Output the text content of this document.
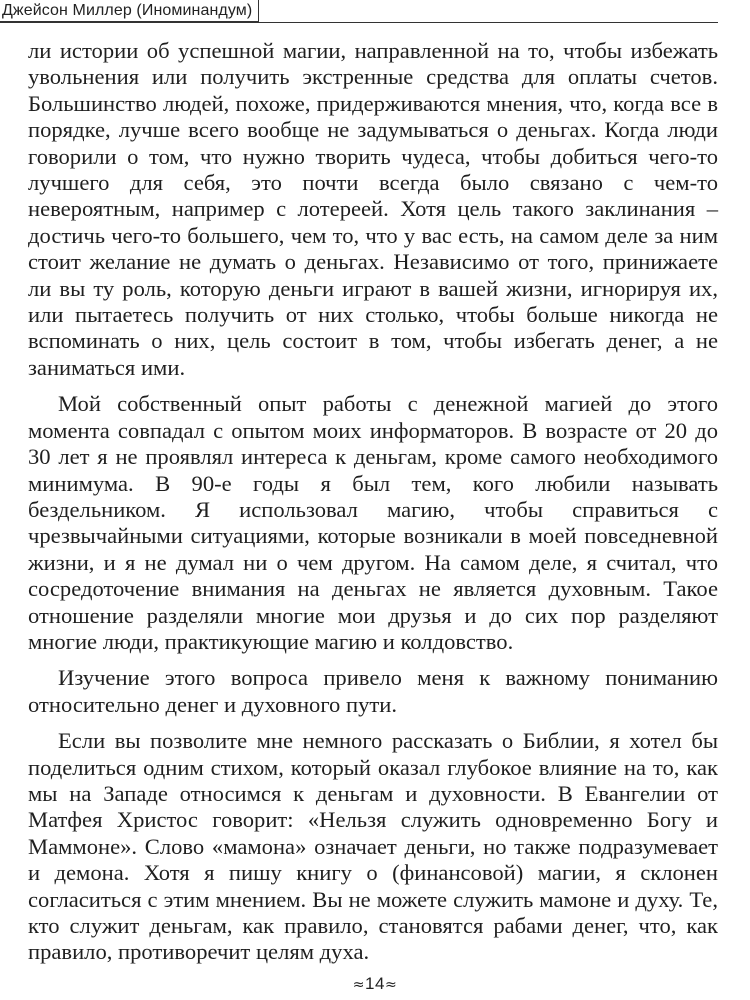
Джейсон Миллер (Иноминандум)

ли истории об успешной магии, направленной на то, чтобы избежать увольнения или получить экстренные средства для оплаты счетов. Большинство людей, похоже, придерживаются мнения, что, когда все в порядке, лучше всего вообще не задумываться о деньгах. Когда люди говорили о том, что нужно творить чудеса, чтобы добиться чего-то лучшего для себя, это почти всегда было связано с чем-то невероятным, например с лотереей. Хотя цель такого заклинания – достичь чего-то большего, чем то, что у вас есть, на самом деле за ним стоит желание не думать о деньгах. Независимо от того, принижаете ли вы ту роль, которую деньги играют в вашей жизни, игнорируя их, или пытаетесь получить от них столько, чтобы больше никогда не вспоминать о них, цель состоит в том, чтобы избегать денег, а не заниматься ими.

Мой собственный опыт работы с денежной магией до этого момента совпадал с опытом моих информаторов. В возрасте от 20 до 30 лет я не проявлял интереса к деньгам, кроме самого необходимого минимума. В 90-е годы я был тем, кого любили называть бездельником. Я использовал магию, чтобы справиться с чрезвычайными ситуациями, которые возникали в моей повседневной жизни, и я не думал ни о чем другом. На самом деле, я считал, что сосредоточение внимания на деньгах не является духовным. Такое отношение разделяли многие мои друзья и до сих пор разделяют многие люди, практикующие магию и колдовство.

Изучение этого вопроса привело меня к важному пониманию относительно денег и духовного пути.

Если вы позволите мне немного рассказать о Библии, я хотел бы поделиться одним стихом, который оказал глубокое влияние на то, как мы на Западе относимся к деньгам и духовности. В Евангелии от Матфея Христос говорит: «Нельзя служить одновременно Богу и Маммоне». Слово «мамона» означает деньги, но также подразумевает и демона. Хотя я пишу книгу о (финансовой) магии, я склонен согласиться с этим мнением. Вы не можете служить мамоне и духу. Те, кто служит деньгам, как правило, становятся рабами денег, что, как правило, противоречит целям духа.

≈14≈
